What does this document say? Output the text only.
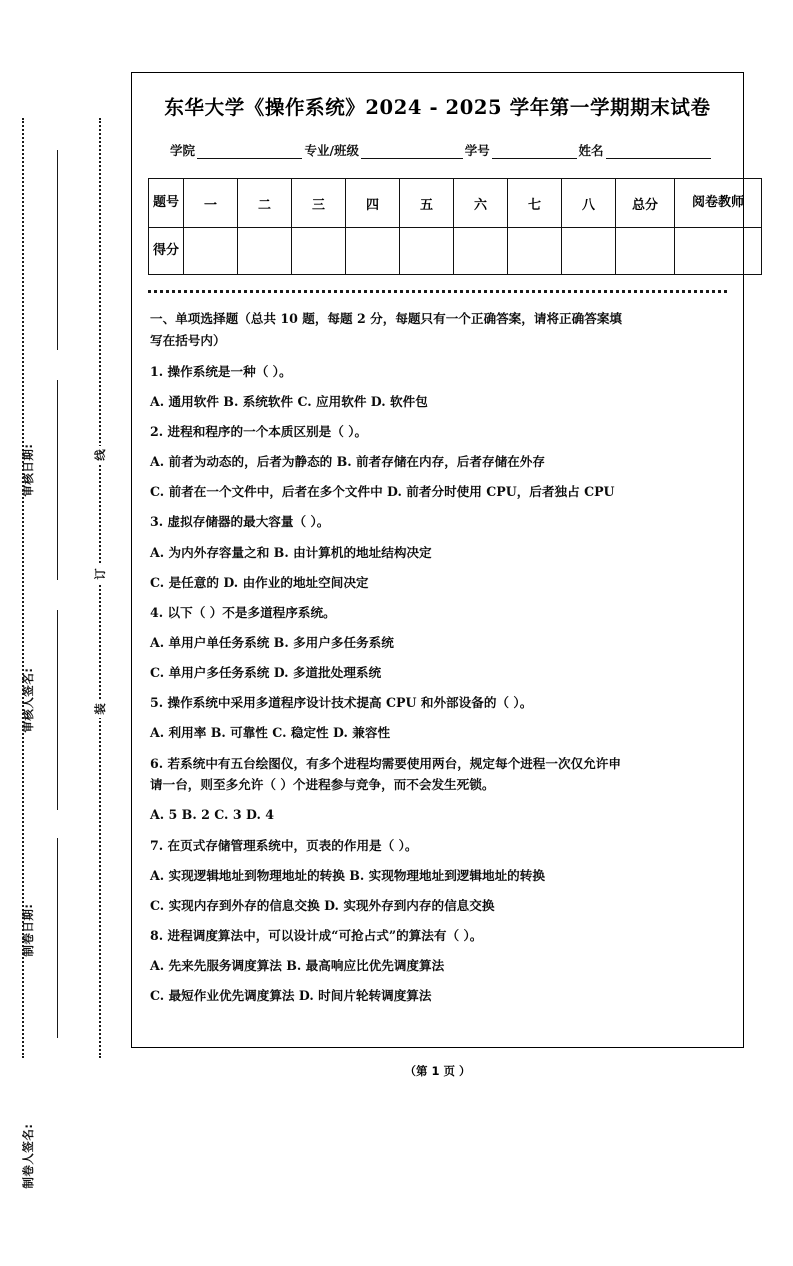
审核日期:
审核人签名:
制卷日期:
制卷人签名:
线
订
装
东华大学《操作系统》2024 - 2025 学年第一学期期末试卷
学院	专业/班级	学号	姓名
题号	一	二	三	四	五	六	七	八	总分	阅卷教师
得分										
一、单项选择题（总共 10 题，每题 2 分，每题只有一个正确答案，请将正确答案填
写在括号内）
1. 操作系统是一种（ ）。
A. 通用软件 B. 系统软件 C. 应用软件 D. 软件包
2. 进程和程序的一个本质区别是（ ）。
A. 前者为动态的，后者为静态的 B. 前者存储在内存，后者存储在外存
C. 前者在一个文件中，后者在多个文件中 D. 前者分时使用 CPU，后者独占 CPU
3. 虚拟存储器的最大容量（ ）。
A. 为内外存容量之和 B. 由计算机的地址结构决定
C. 是任意的 D. 由作业的地址空间决定
4. 以下（ ）不是多道程序系统。
A. 单用户单任务系统 B. 多用户多任务系统
C. 单用户多任务系统 D. 多道批处理系统
5. 操作系统中采用多道程序设计技术提高 CPU 和外部设备的（ ）。
A. 利用率 B. 可靠性 C. 稳定性 D. 兼容性
6. 若系统中有五台绘图仪，有多个进程均需要使用两台，规定每个进程一次仅允许申
请一台，则至多允许（ ）个进程参与竞争，而不会发生死锁。
A. 5 B. 2 C. 3 D. 4
7. 在页式存储管理系统中，页表的作用是（ ）。
A. 实现逻辑地址到物理地址的转换 B. 实现物理地址到逻辑地址的转换
C. 实现内存到外存的信息交换 D. 实现外存到内存的信息交换
8. 进程调度算法中，可以设计成“可抢占式”的算法有（ ）。
A. 先来先服务调度算法 B. 最高响应比优先调度算法
C. 最短作业优先调度算法 D. 时间片轮转调度算法
（第 1 页 ）
